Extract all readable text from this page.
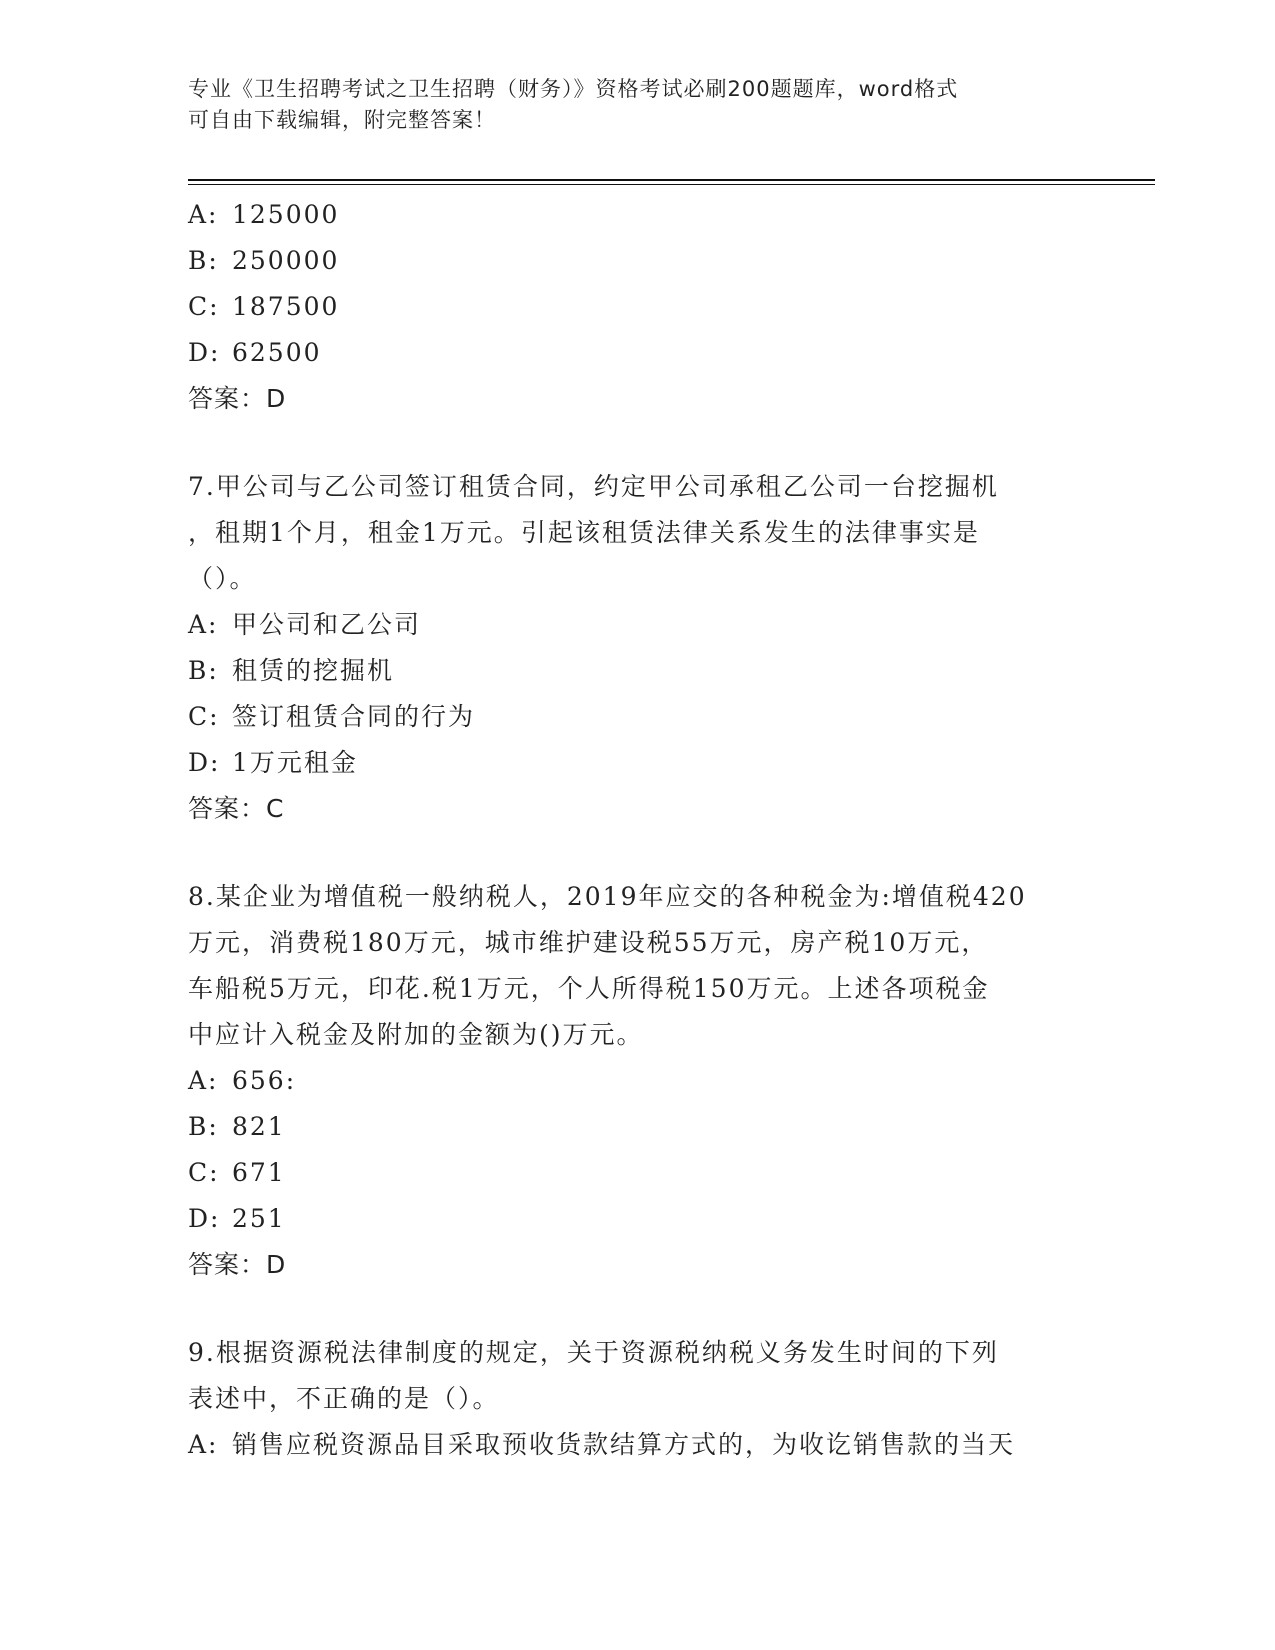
专业《卫生招聘考试之卫生招聘（财务）》资格考试必刷200题题库，word格式
可自由下载编辑，附完整答案！
A: 125000
B: 250000
C: 187500
D: 62500
答案：D
7.甲公司与乙公司签订租赁合同，约定甲公司承租乙公司一台挖掘机
，租期1个月，租金1万元。引起该租赁法律关系发生的法律事实是
（）。
A: 甲公司和乙公司
B: 租赁的挖掘机
C: 签订租赁合同的行为
D: 1万元租金
答案：C
8.某企业为增值税一般纳税人，2019年应交的各种税金为:增值税420
万元，消费税180万元，城市维护建设税55万元，房产税10万元，
车船税5万元，印花.税1万元，个人所得税150万元。上述各项税金
中应计入税金及附加的金额为()万元。
A: 656:
B: 821
C: 671
D: 251
答案：D
9.根据资源税法律制度的规定，关于资源税纳税义务发生时间的下列
表述中，不正确的是（）。
A: 销售应税资源品目采取预收货款结算方式的，为收讫销售款的当天
